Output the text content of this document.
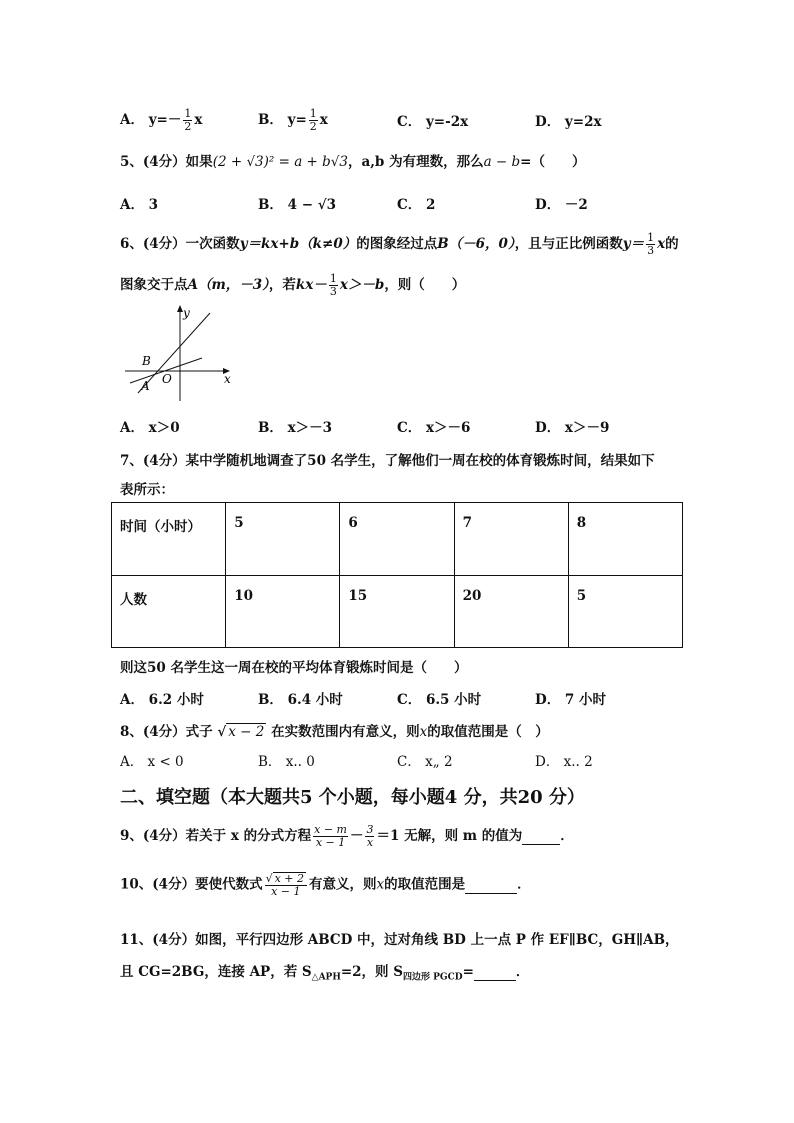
A． $y=- \frac{1}{2}$ x	B． $y= \frac{1}{2}$ x	C． y=-2x	D． y=2x
5、(4分）如果(2 + √3)² = a + b√3，a,b 为有理数，那么a − b=（　　）
A． 3	B． 4 − √3	C． 2	D． －2
6、(4分）一次函数y＝kx+b（k≠0）的图象经过点B（－6，0），且与正比例函数$y= \frac{1}{3}$ x的
图象交于点A（m，－3），若$kx- \frac{1}{3} x>-b$，则（　　）
y
x
B
A O
A． x＞0	B． x＞－3	C． x＞－6	D． x＞－9
7、(4分）某中学随机地调查了50 名学生，了解他们一周在校的体育锻炼时间，结果如下
表所示：
时间（小时）	5	6	7	8
人数	10	15	20	5
则这50 名学生这一周在校的平均体育锻炼时间是（　　）
A． 6.2 小时	B． 6.4 小时	C． 6.5 小时	D． 7 小时
8、(4分）式子 √ x − 2 在实数范围内有意义，则x的取值范围是（　）
A． x < 0	B． x.. 0	C． x„ 2	D． x.. 2
二、填空题（本大题共5 个小题，每小题4 分，共20 分）
9、(4分）若关于 x 的分式方程 $\frac{x - m}{x - 1} - \frac{3}{x} =1$ 无解，则 m 的值为	．
10、(4分）要使代数式 $\frac{√ x + 2}{x - 1}$ 有意义，则x的取值范围是	．
11、(4分）如图，平行四边形 ABCD 中，过对角线 BD 上一点 P 作 EF∥BC，GH∥AB，
且 CG=2BG，连接 AP，若 $S_{\triangle APH}=2$，则 $S_{四边形 PGCD}=$	．
